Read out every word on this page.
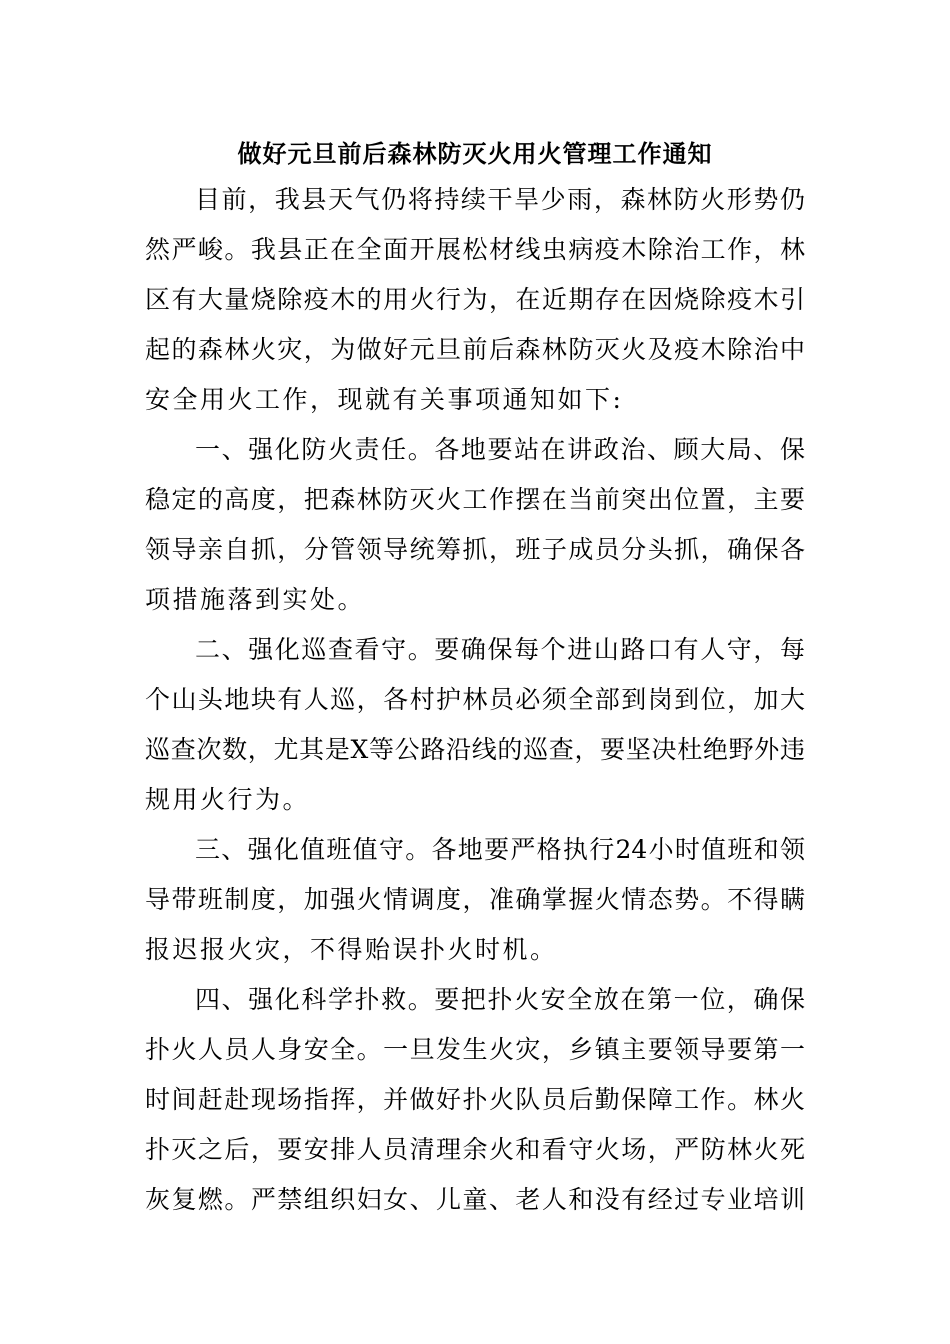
做好元旦前后森林防灭火用火管理工作通知
目前，我县天气仍将持续干旱少雨，森林防火形势仍
然严峻。我县正在全面开展松材线虫病疫木除治工作，林
区有大量烧除疫木的用火行为，在近期存在因烧除疫木引
起的森林火灾，为做好元旦前后森林防灭火及疫木除治中
安全用火工作，现就有关事项通知如下:
一、强化防火责任。各地要站在讲政治、顾大局、保
稳定的高度，把森林防灭火工作摆在当前突出位置，主要
领导亲自抓，分管领导统筹抓，班子成员分头抓，确保各
项措施落到实处。
二、强化巡查看守。要确保每个进山路口有人守，每
个山头地块有人巡，各村护林员必须全部到岗到位，加大
巡查次数，尤其是X等公路沿线的巡查，要坚决杜绝野外违
规用火行为。
三、强化值班值守。各地要严格执行24小时值班和领
导带班制度，加强火情调度，准确掌握火情态势。不得瞒
报迟报火灾，不得贻误扑火时机。
四、强化科学扑救。要把扑火安全放在第一位，确保
扑火人员人身安全。一旦发生火灾，乡镇主要领导要第一
时间赶赴现场指挥，并做好扑火队员后勤保障工作。林火
扑灭之后，要安排人员清理余火和看守火场，严防林火死
灰复燃。严禁组织妇女、儿童、老人和没有经过专业培训
